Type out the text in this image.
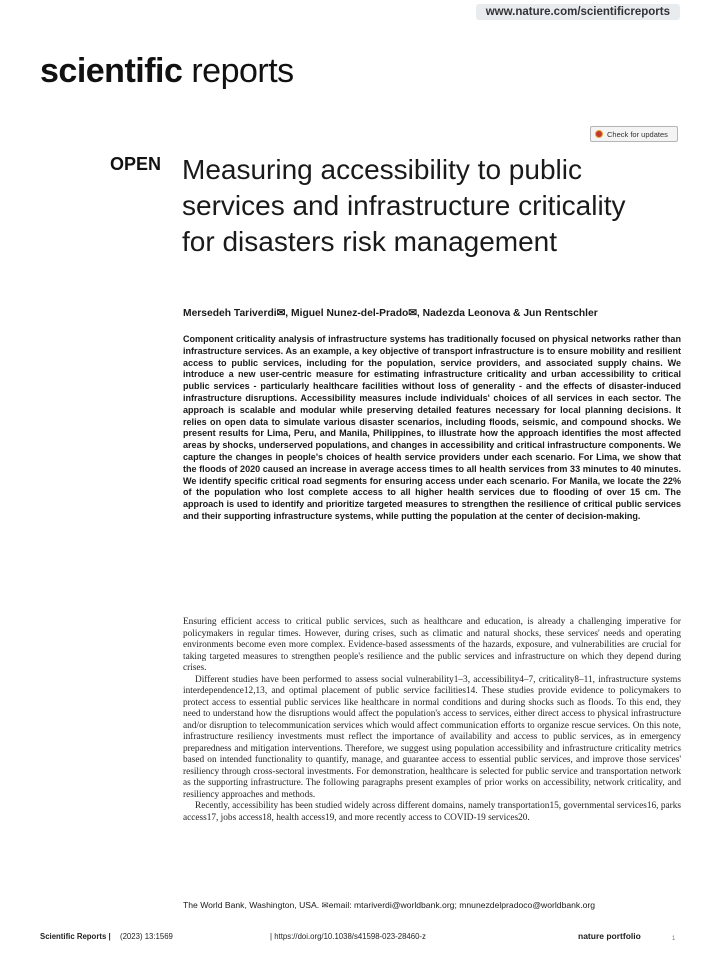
www.nature.com/scientificreports
scientific reports
Check for updates
OPEN Measuring accessibility to public services and infrastructure criticality for disasters risk management
Mersedeh Tariverdi✉, Miguel Nunez-del-Prado✉, Nadezda Leonova & Jun Rentschler
Component criticality analysis of infrastructure systems has traditionally focused on physical networks rather than infrastructure services. As an example, a key objective of transport infrastructure is to ensure mobility and resilient access to public services, including for the population, service providers, and associated supply chains. We introduce a new user-centric measure for estimating infrastructure criticality and urban accessibility to critical public services - particularly healthcare facilities without loss of generality - and the effects of disaster-induced infrastructure disruptions. Accessibility measures include individuals' choices of all services in each sector. The approach is scalable and modular while preserving detailed features necessary for local planning decisions. It relies on open data to simulate various disaster scenarios, including floods, seismic, and compound shocks. We present results for Lima, Peru, and Manila, Philippines, to illustrate how the approach identifies the most affected areas by shocks, underserved populations, and changes in accessibility and critical infrastructure components. We capture the changes in people's choices of health service providers under each scenario. For Lima, we show that the floods of 2020 caused an increase in average access times to all health services from 33 minutes to 40 minutes. We identify specific critical road segments for ensuring access under each scenario. For Manila, we locate the 22% of the population who lost complete access to all higher health services due to flooding of over 15 cm. The approach is used to identify and prioritize targeted measures to strengthen the resilience of critical public services and their supporting infrastructure systems, while putting the population at the center of decision-making.

Ensuring efficient access to critical public services, such as healthcare and education, is already a challenging imperative for policymakers in regular times. However, during crises, such as climatic and natural shocks, these services' needs and operating environments become even more complex. Evidence-based assessments of the hazards, exposure, and vulnerabilities are crucial for taking targeted measures to strengthen people's resilience and the public services and infrastructure on which they depend during crises.

Different studies have been performed to assess social vulnerability1–3, accessibility4–7, criticality8–11, infrastructure systems interdependence12,13, and optimal placement of public service facilities14. These studies provide evidence to policymakers to protect access to essential public services like healthcare in normal conditions and during shocks such as floods. To this end, they need to understand how the disruptions would affect the population's access to services, either direct access to physical infrastructure and/or disruption to telecommunication services which would affect communication efforts to organize rescue services. On this note, infrastructure resiliency investments must reflect the importance of availability and access to public services, as in emergency preparedness and mitigation interventions. Therefore, we suggest using population accessibility and infrastructure criticality metrics based on intended functionality to quantify, manage, and guarantee access to essential public services, and improve those services' resiliency through cross-sectoral investments. For demonstration, healthcare is selected for public service and transportation network as the supporting infrastructure. The following paragraphs present examples of prior works on accessibility, network criticality, and resiliency approaches and methods.

Recently, accessibility has been studied widely across different domains, namely transportation15, governmental services16, parks access17, jobs access18, health access19, and more recently access to COVID-19 services20.

The World Bank, Washington, USA. ✉email: mtariverdi@worldbank.org; mnunezdelpradoco@worldbank.org
Scientific Reports | (2023) 13:1569	| https://doi.org/10.1038/s41598-023-28460-z	nature portfolio	1
